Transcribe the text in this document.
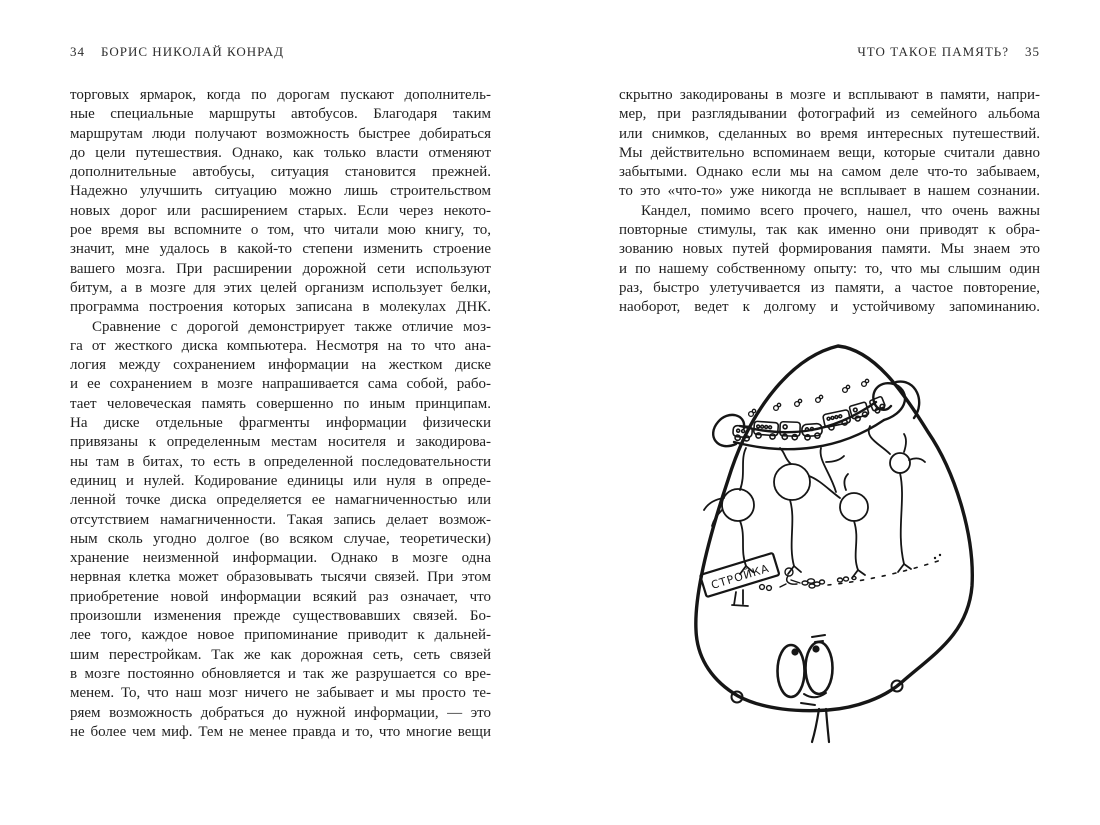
34 БОРИС НИКОЛАЙ КОНРАД	ЧТО ТАКОЕ ПАМЯТЬ? 35
торговых ярмарок, когда по дорогам пускают дополнитель-
ные специальные маршруты автобусов. Благодаря таким
маршрутам люди получают возможность быстрее добираться
до цели путешествия. Однако, как только власти отменяют
дополнительные автобусы, ситуация становится прежней.
Надежно улучшить ситуацию можно лишь строительством
новых дорог или расширением старых. Если через некото-
рое время вы вспомните о том, что читали мою книгу, то,
значит, мне удалось в какой-то степени изменить строение
вашего мозга. При расширении дорожной сети используют
битум, а в мозге для этих целей организм использует белки,
программа построения которых записана в молекулах ДНК.
Сравнение с дорогой демонстрирует также отличие моз-
га от жесткого диска компьютера. Несмотря на то что ана-
логия между сохранением информации на жестком диске
и ее сохранением в мозге напрашивается сама собой, рабо-
тает человеческая память совершенно по иным принципам.
На диске отдельные фрагменты информации физически
привязаны к определенным местам носителя и закодирова-
ны там в битах, то есть в определенной последовательности
единиц и нулей. Кодирование единицы или нуля в опреде-
ленной точке диска определяется ее намагниченностью или
отсутствием намагниченности. Такая запись делает возмож-
ным сколь угодно долгое (во всяком случае, теоретически)
хранение неизменной информации. Однако в мозге одна
нервная клетка может образовывать тысячи связей. При этом
приобретение новой информации всякий раз означает, что
произошли изменения прежде существовавших связей. Бо-
лее того, каждое новое припоминание приводит к дальней-
шим перестройкам. Так же как дорожная сеть, сеть связей
в мозге постоянно обновляется и так же разрушается со вре-
менем. То, что наш мозг ничего не забывает и мы просто те-
ряем возможность добраться до нужной информации, — это
не более чем миф. Тем не менее правда и то, что многие вещи
скрытно закодированы в мозге и всплывают в памяти, напри-
мер, при разглядывании фотографий из семейного альбома
или снимков, сделанных во время интересных путешествий.
Мы действительно вспоминаем вещи, которые считали давно
забытыми. Однако если мы на самом деле что-то забываем,
то это «что-то» уже никогда не всплывает в нашем сознании.
Кандел, помимо всего прочего, нашел, что очень важны
повторные стимулы, так как именно они приводят к обра-
зованию новых путей формирования памяти. Мы знаем это
и по нашему собственному опыту: то, что мы слышим один
раз, быстро улетучивается из памяти, а частое повторение,
наоборот, ведет к долгому и устойчивому запоминанию.
СТРОЙКА
